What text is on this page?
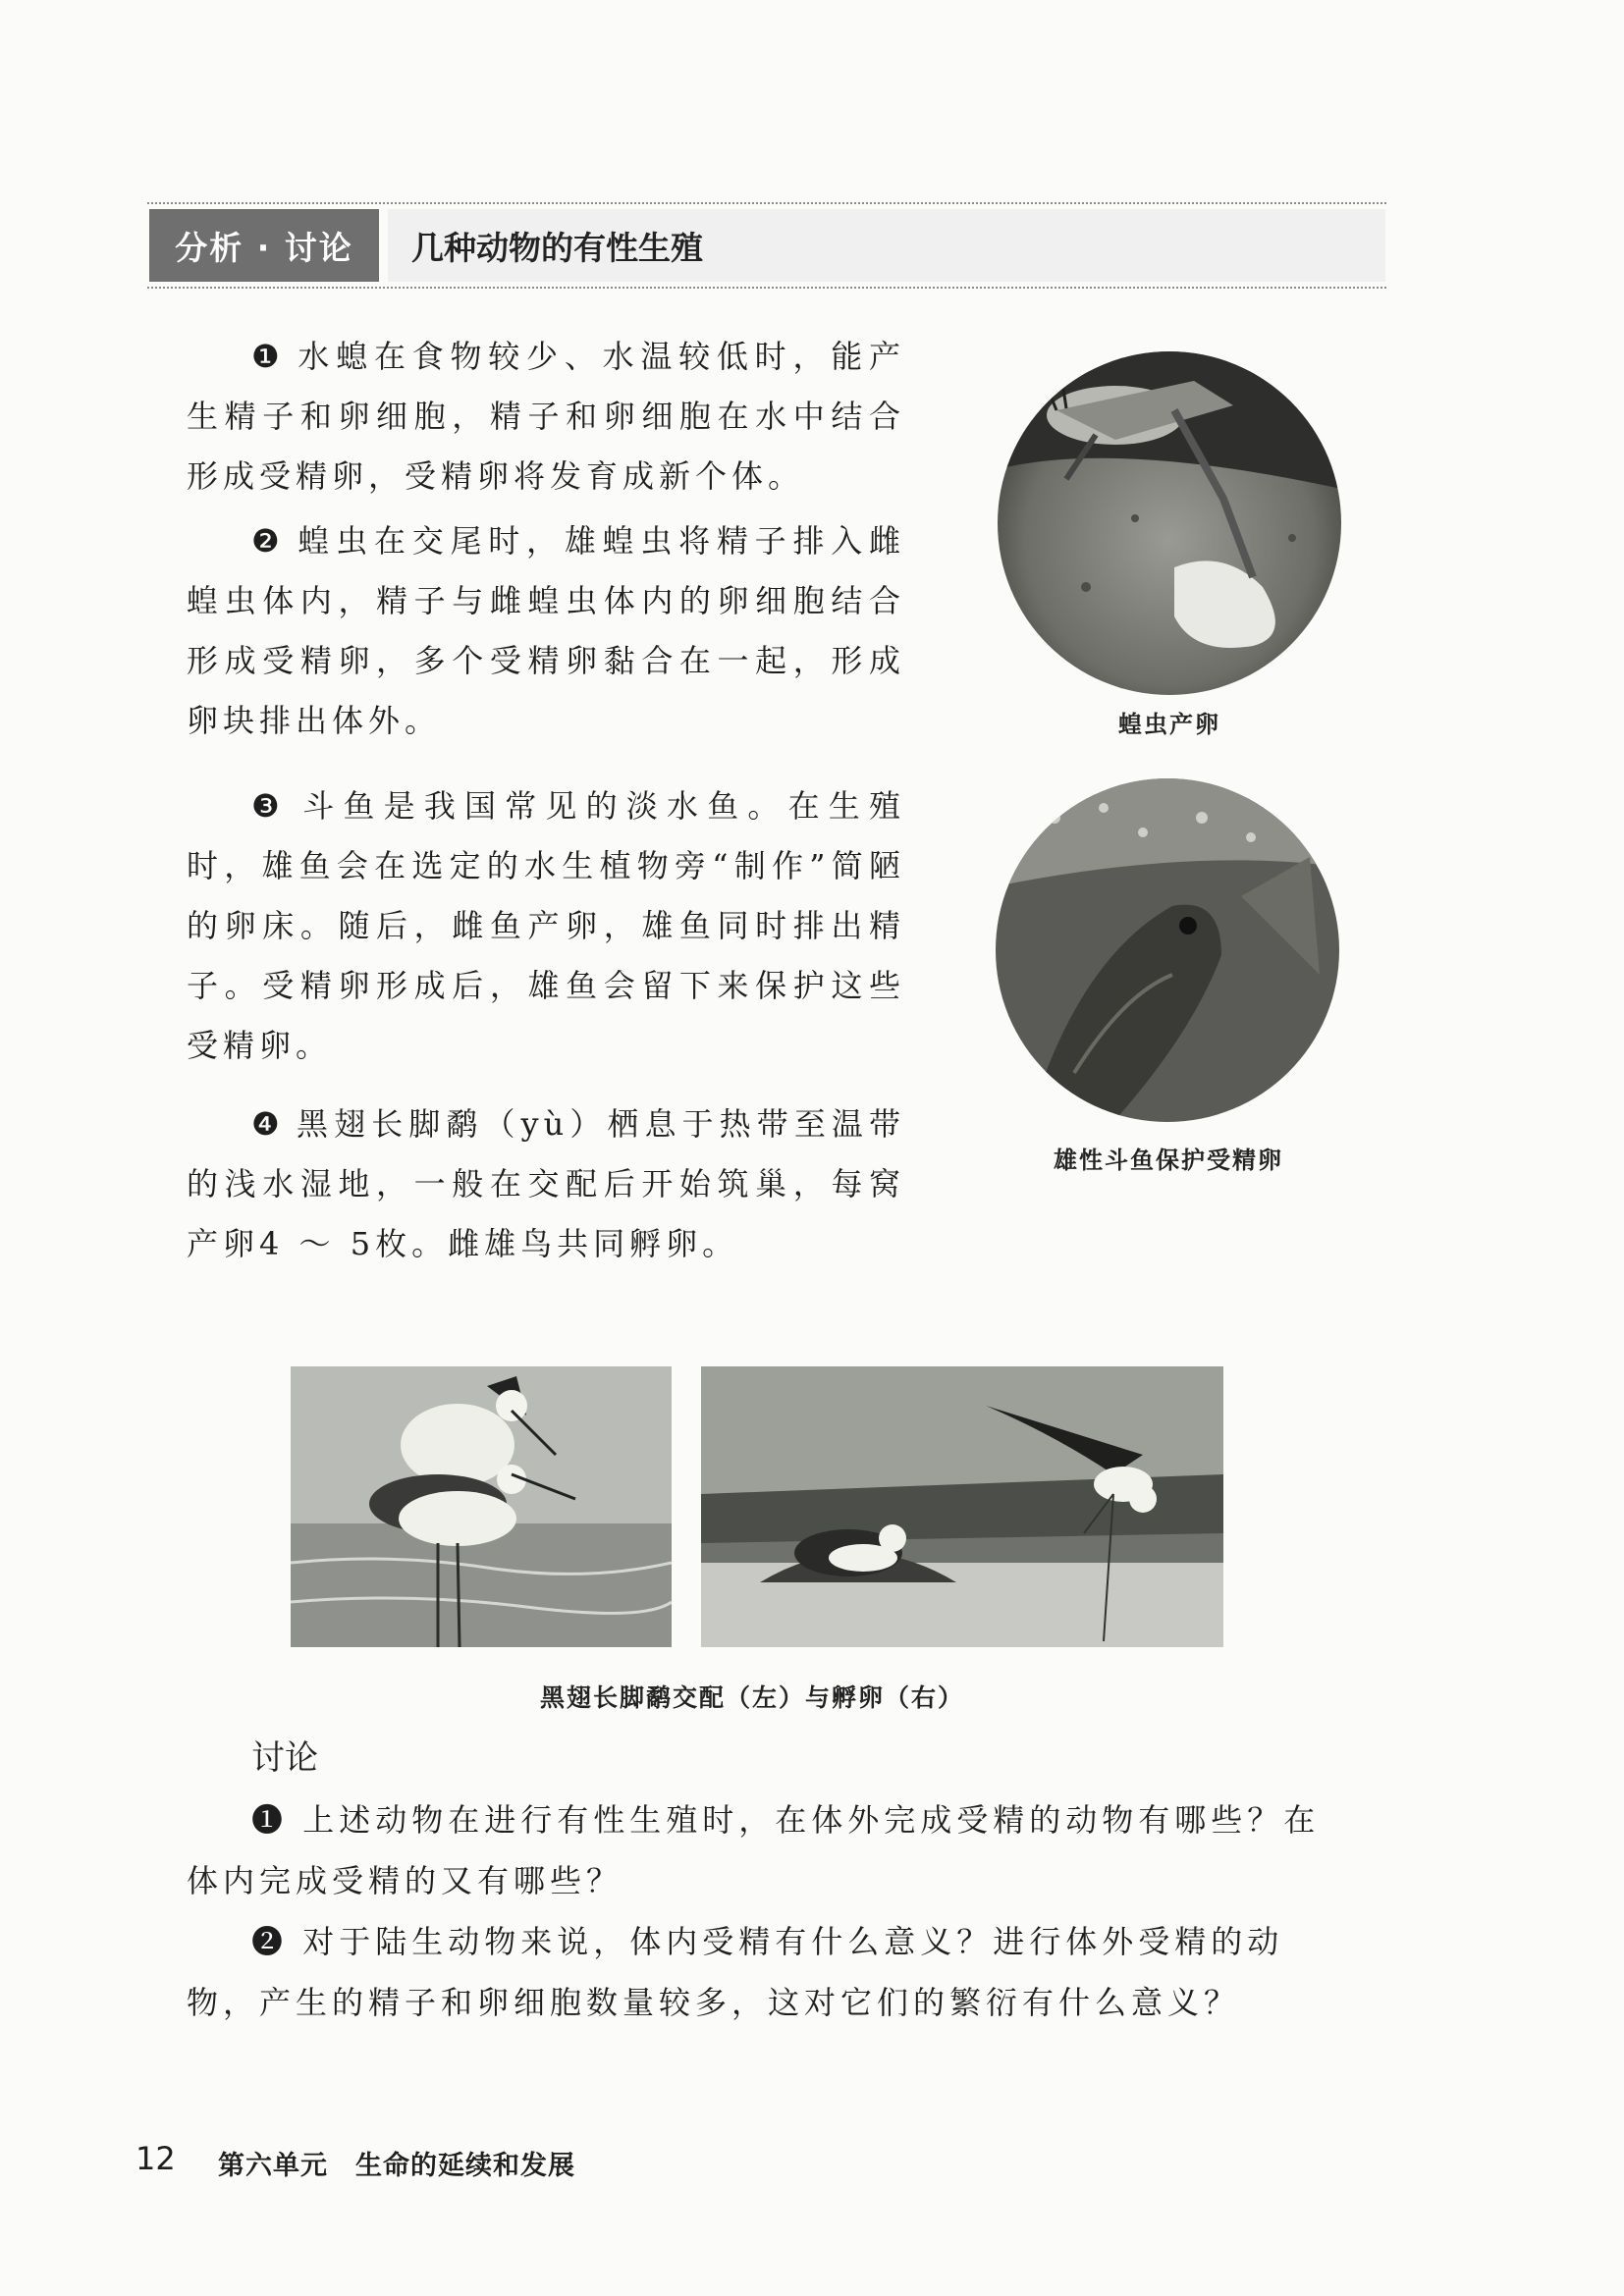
分析 · 讨论	几种动物的有性生殖
❶ 水螅在食物较少、水温较低时，能产生精子和卵细胞，精子和卵细胞在水中结合形成受精卵，受精卵将发育成新个体。
❷ 蝗虫在交尾时，雄蝗虫将精子排入雌蝗虫体内，精子与雌蝗虫体内的卵细胞结合形成受精卵，多个受精卵黏合在一起，形成卵块排出体外。
❸ 斗鱼是我国常见的淡水鱼。在生殖时，雄鱼会在选定的水生植物旁“制作”简陋的卵床。随后，雌鱼产卵，雄鱼同时排出精子。受精卵形成后，雄鱼会留下来保护这些受精卵。
❹ 黑翅长脚鹬（yù）栖息于热带至温带的浅水湿地，一般在交配后开始筑巢，每窝产卵4 ～ 5枚。雌雄鸟共同孵卵。
蝗虫产卵
雄性斗鱼保护受精卵
黑翅长脚鹬交配（左）与孵卵（右）
讨论
❶ 上述动物在进行有性生殖时，在体外完成受精的动物有哪些？在体内完成受精的又有哪些？
❷ 对于陆生动物来说，体内受精有什么意义？进行体外受精的动物，产生的精子和卵细胞数量较多，这对它们的繁衍有什么意义？
12 第六单元　生命的延续和发展
